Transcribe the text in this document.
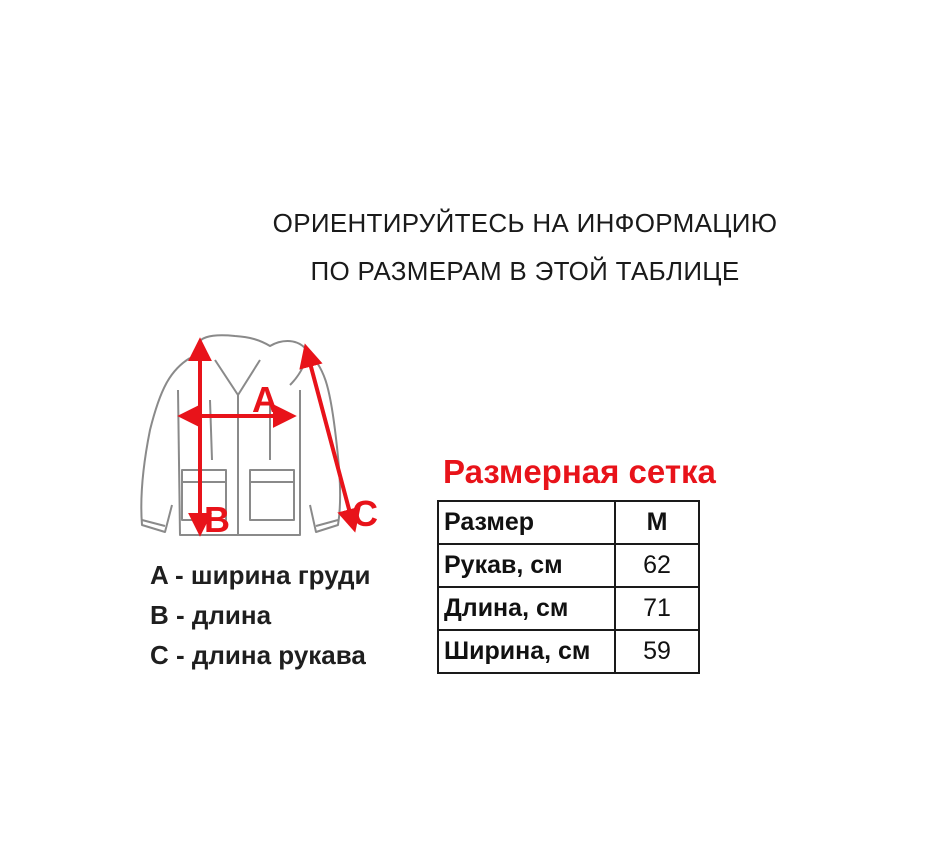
ОРИЕНТИРУЙТЕСЬ НА ИНФОРМАЦИЮ
ПО РАЗМЕРАМ В ЭТОЙ ТАБЛИЦЕ
A
B	C
A - ширина груди
B - длина
C - длина рукава
Размерная сетка
Размер	M
Рукав, см	62
Длина, см	71
Ширина, см	59
